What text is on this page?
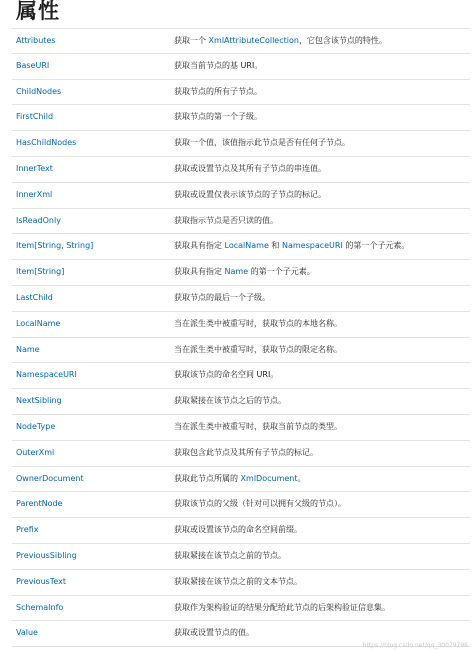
属性
Attributes	获取一个 XmlAttributeCollection，它包含该节点的特性。
BaseURI	获取当前节点的基 URI。
ChildNodes	获取节点的所有子节点。
FirstChild	获取节点的第一个子级。
HasChildNodes	获取一个值，该值指示此节点是否有任何子节点。
InnerText	获取或设置节点及其所有子节点的串连值。
InnerXml	获取或设置仅表示该节点的子节点的标记。
IsReadOnly	获取指示节点是否只读的值。
Item[String, String]	获取具有指定 LocalName 和 NamespaceURI 的第一个子元素。
Item[String]	获取具有指定 Name 的第一个子元素。
LastChild	获取节点的最后一个子级。
LocalName	当在派生类中被重写时，获取节点的本地名称。
Name	当在派生类中被重写时，获取节点的限定名称。
NamespaceURI	获取该节点的命名空间 URI。
NextSibling	获取紧接在该节点之后的节点。
NodeType	当在派生类中被重写时，获取当前节点的类型。
OuterXml	获取包含此节点及其所有子节点的标记。
OwnerDocument	获取此节点所属的 XmlDocument。
ParentNode	获取该节点的父级（针对可以拥有父级的节点）。
Prefix	获取或设置该节点的命名空间前缀。
PreviousSibling	获取紧接在该节点之前的节点。
PreviousText	获取紧接在该节点之前的文本节点。
SchemaInfo	获取作为架构验证的结果分配给此节点的后架构验证信息集。
Value	获取或设置节点的值。
https://blog.csdn.net/qq_30079796
